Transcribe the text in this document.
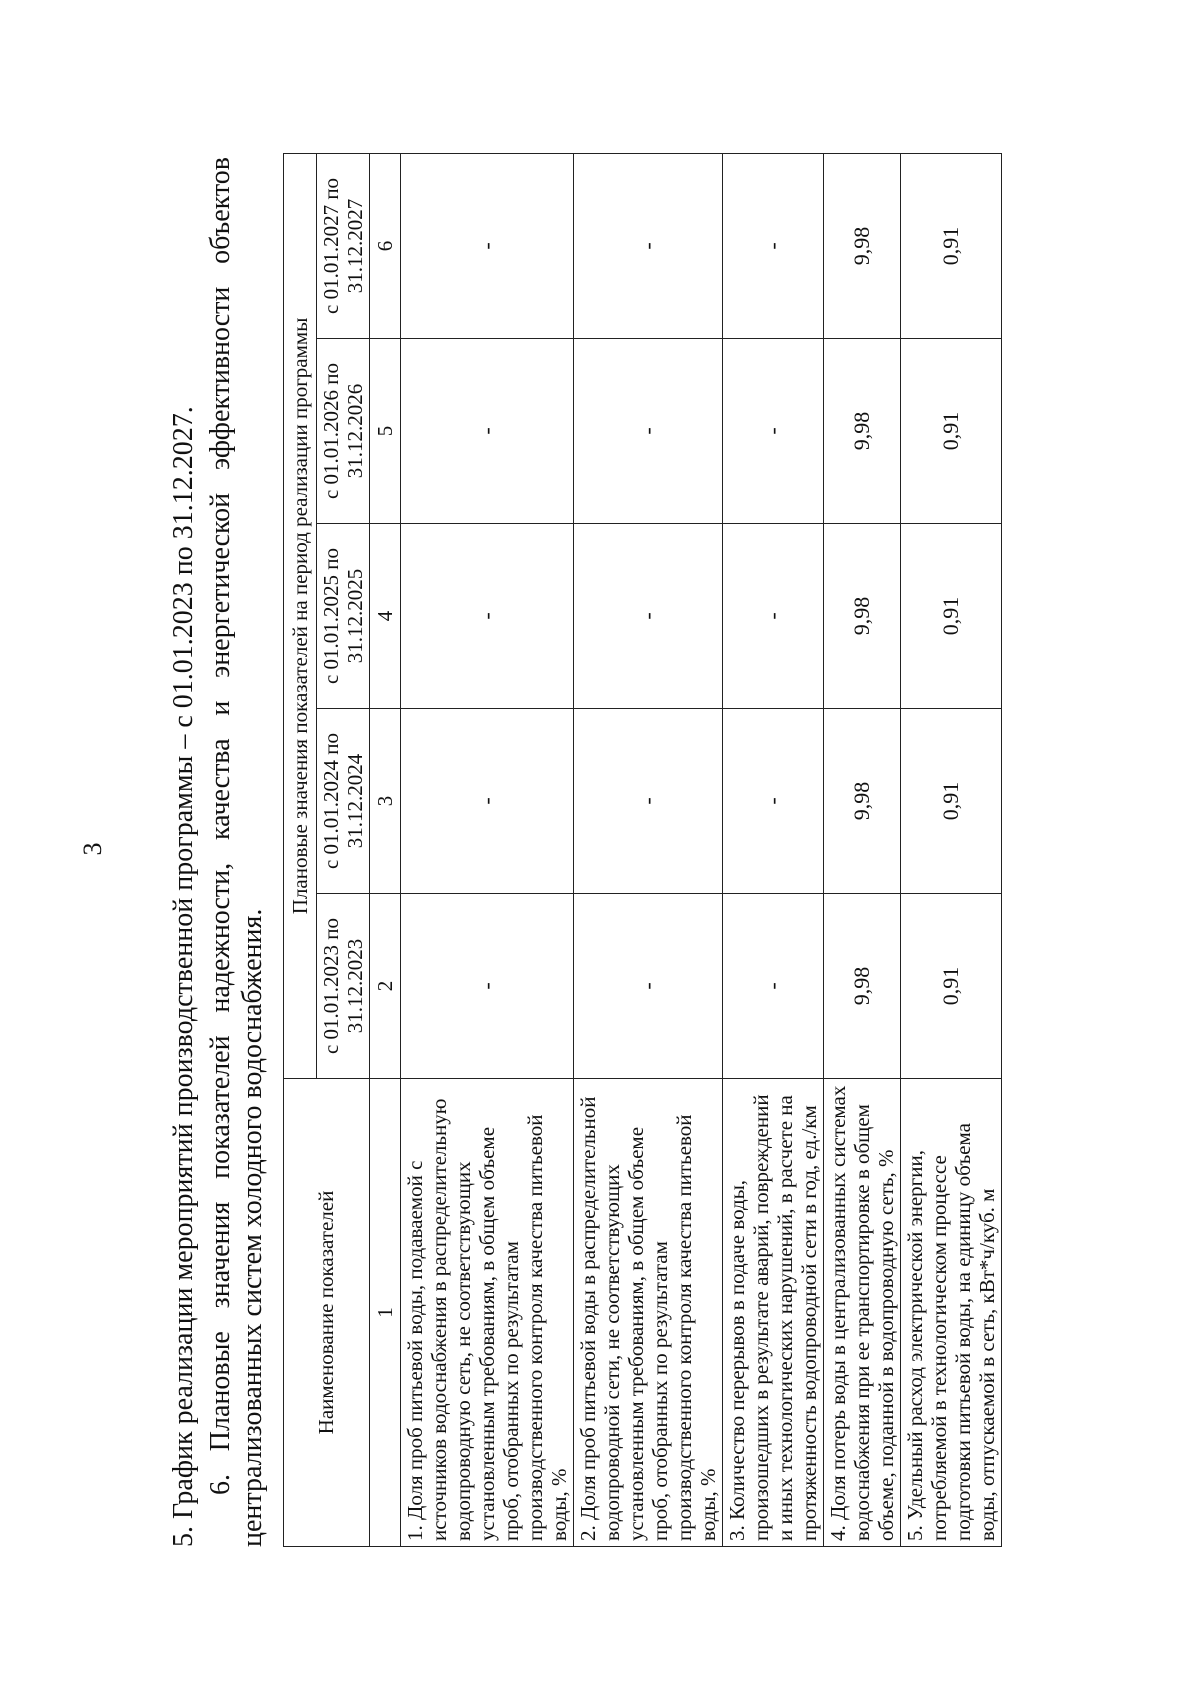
3 5. График реализации мероприятий производственной программы – с 01.01.2023 по 31.12.2027. 6.
Плановые
значения
показателей
надежности,
качества
и
энергетической
эффективности
объектов
централизованных систем холодного водоснабжения. Наименование показателей	Плановые значения показателей на период реализации программы				
	с 01.01.2023 по 31.12.2023	с 01.01.2024 по 31.12.2024	с 01.01.2025 по 31.12.2025	с 01.01.2026 по 31.12.2026	с 01.01.2027 по 31.12.2027
1	2	3	4	5	6
1. Доля проб питьевой воды, подаваемой с источников водоснабжения в распределительную водопроводную сеть, не соответствующих установленным требованиям, в общем объеме проб, отобранных по результатам производственного контроля качества питьевой воды, %	-	-	-	-	-
2. Доля проб питьевой воды в распределительной водопроводной сети, не соответствующих установленным требованиям, в общем объеме проб, отобранных по результатам производственного контроля качества питьевой воды, %	-	-	-	-	-
3. Количество перерывов в подаче воды, произошедших в результате аварий, повреждений и иных технологических нарушений, в расчете на протяженность водопроводной сети в год, ед./км	-	-	-	-	-
4. Доля потерь воды в централизованных системах водоснабжения при ее транспортировке в общем объеме, поданной в водопроводную сеть, %	9,98	9,98	9,98	9,98	9,98
5. Удельный расход электрической энергии, потребляемой в технологическом процессе подготовки питьевой воды, на единицу объема воды, отпускаемой в сеть, кВт*ч/куб. м	0,91	0,91	0,91	0,91	0,91
